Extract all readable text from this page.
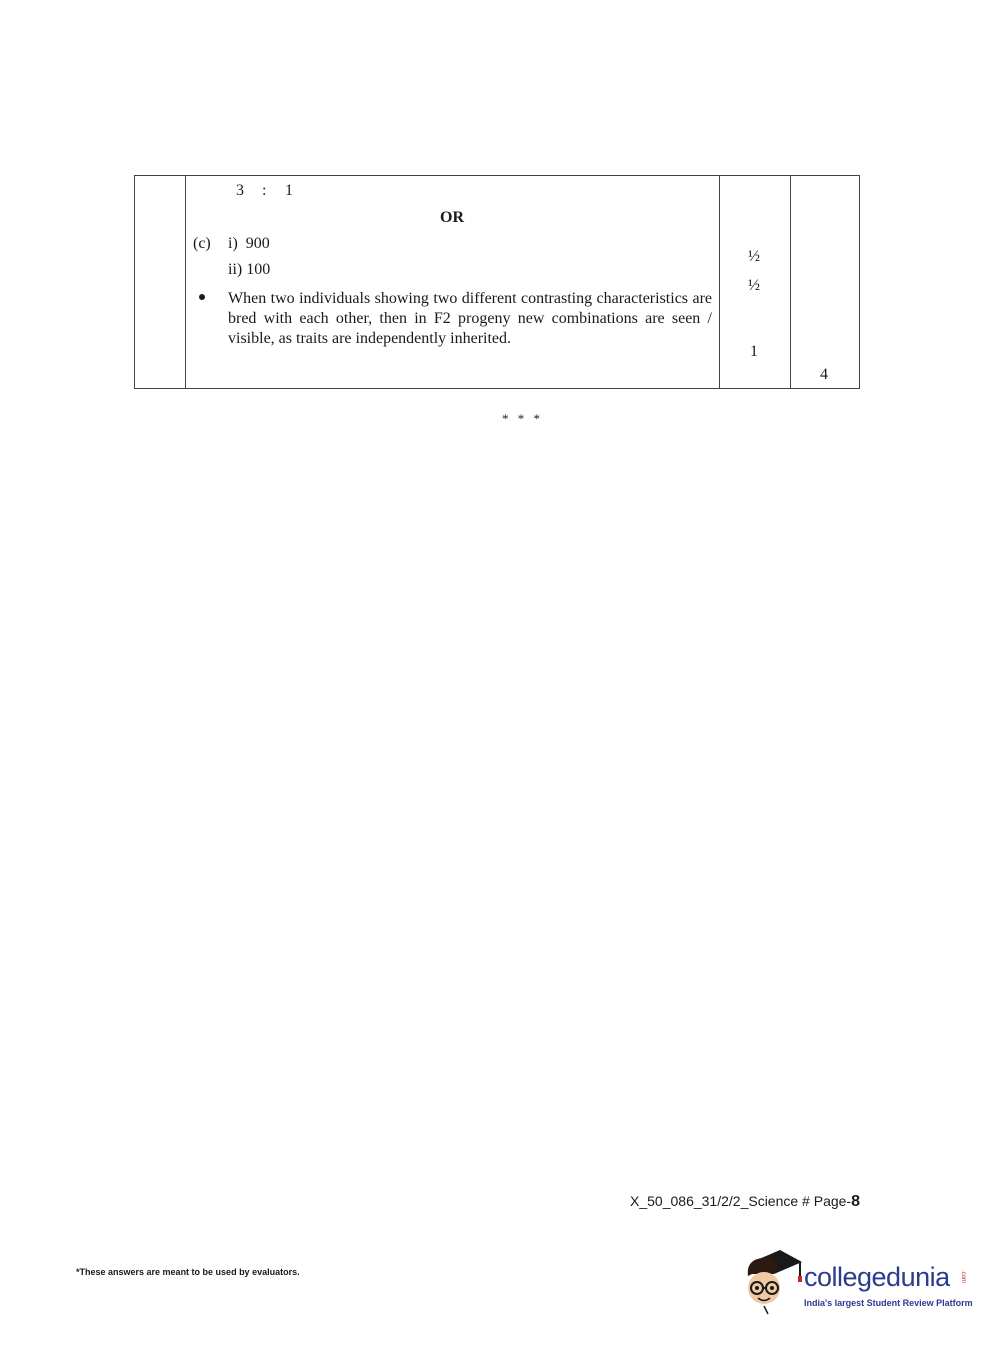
3 : 1
OR
(c) i)  900
ii) 100
When two individuals showing two different contrasting characteristics are bred with each other, then in F2 progeny new combinations are seen / visible, as traits are independently inherited.
½
½
1
4
* * *
X_50_086_31/2/2_Science # Page-8
*These answers are meant to be used by evaluators.	collegedunia .com
India's largest Student Review Platform
